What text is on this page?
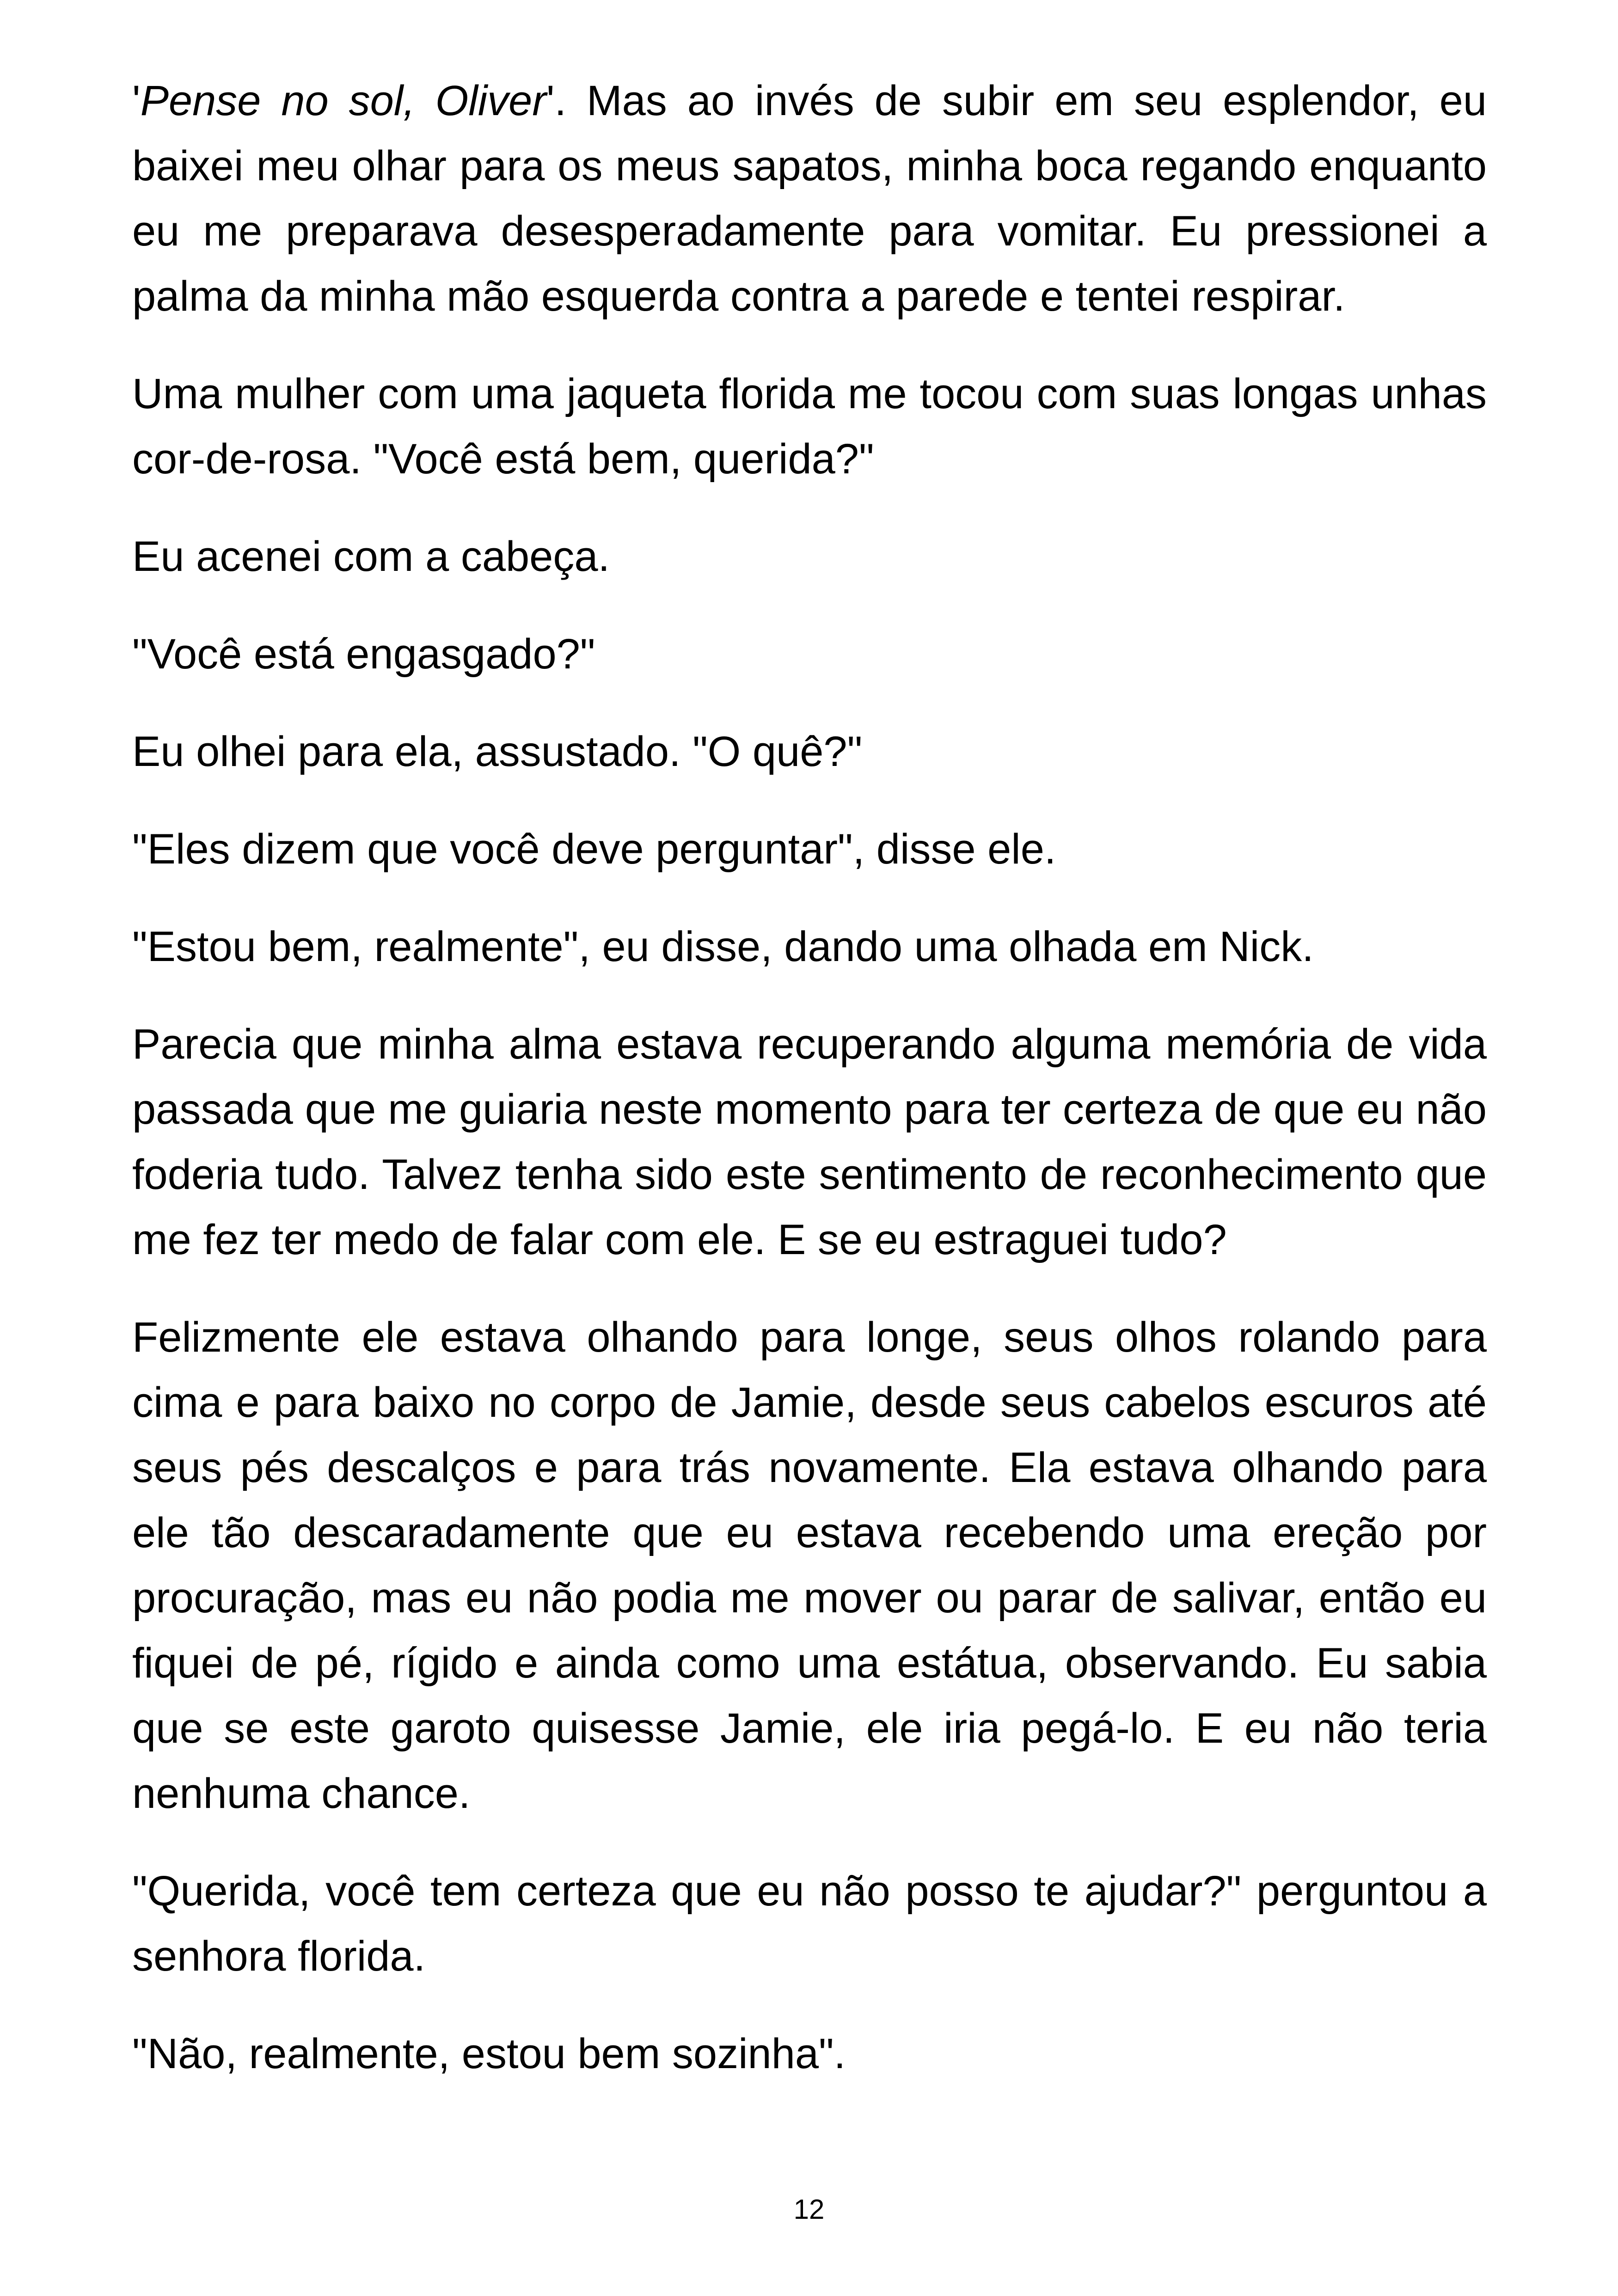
'Pense no sol, Oliver'. Mas ao invés de subir em seu esplendor, eu baixei meu olhar para os meus sapatos, minha boca regando enquanto eu me preparava desesperadamente para vomitar. Eu pressionei a palma da minha mão esquerda contra a parede e tentei respirar.

Uma mulher com uma jaqueta florida me tocou com suas longas unhas cor-de-rosa. "Você está bem, querida?"

Eu acenei com a cabeça.

"Você está engasgado?"

Eu olhei para ela, assustado. "O quê?"

"Eles dizem que você deve perguntar", disse ele.

"Estou bem, realmente", eu disse, dando uma olhada em Nick.

Parecia que minha alma estava recuperando alguma memória de vida passada que me guiaria neste momento para ter certeza de que eu não foderia tudo. Talvez tenha sido este sentimento de reconhecimento que me fez ter medo de falar com ele. E se eu estraguei tudo?

Felizmente ele estava olhando para longe, seus olhos rolando para cima e para baixo no corpo de Jamie, desde seus cabelos escuros até seus pés descalços e para trás novamente. Ela estava olhando para ele tão descaradamente que eu estava recebendo uma ereção por procuração, mas eu não podia me mover ou parar de salivar, então eu fiquei de pé, rígido e ainda como uma estátua, observando. Eu sabia que se este garoto quisesse Jamie, ele iria pegá-lo. E eu não teria nenhuma chance.

"Querida, você tem certeza que eu não posso te ajudar?" perguntou a senhora florida.

"Não, realmente, estou bem sozinha".

12
